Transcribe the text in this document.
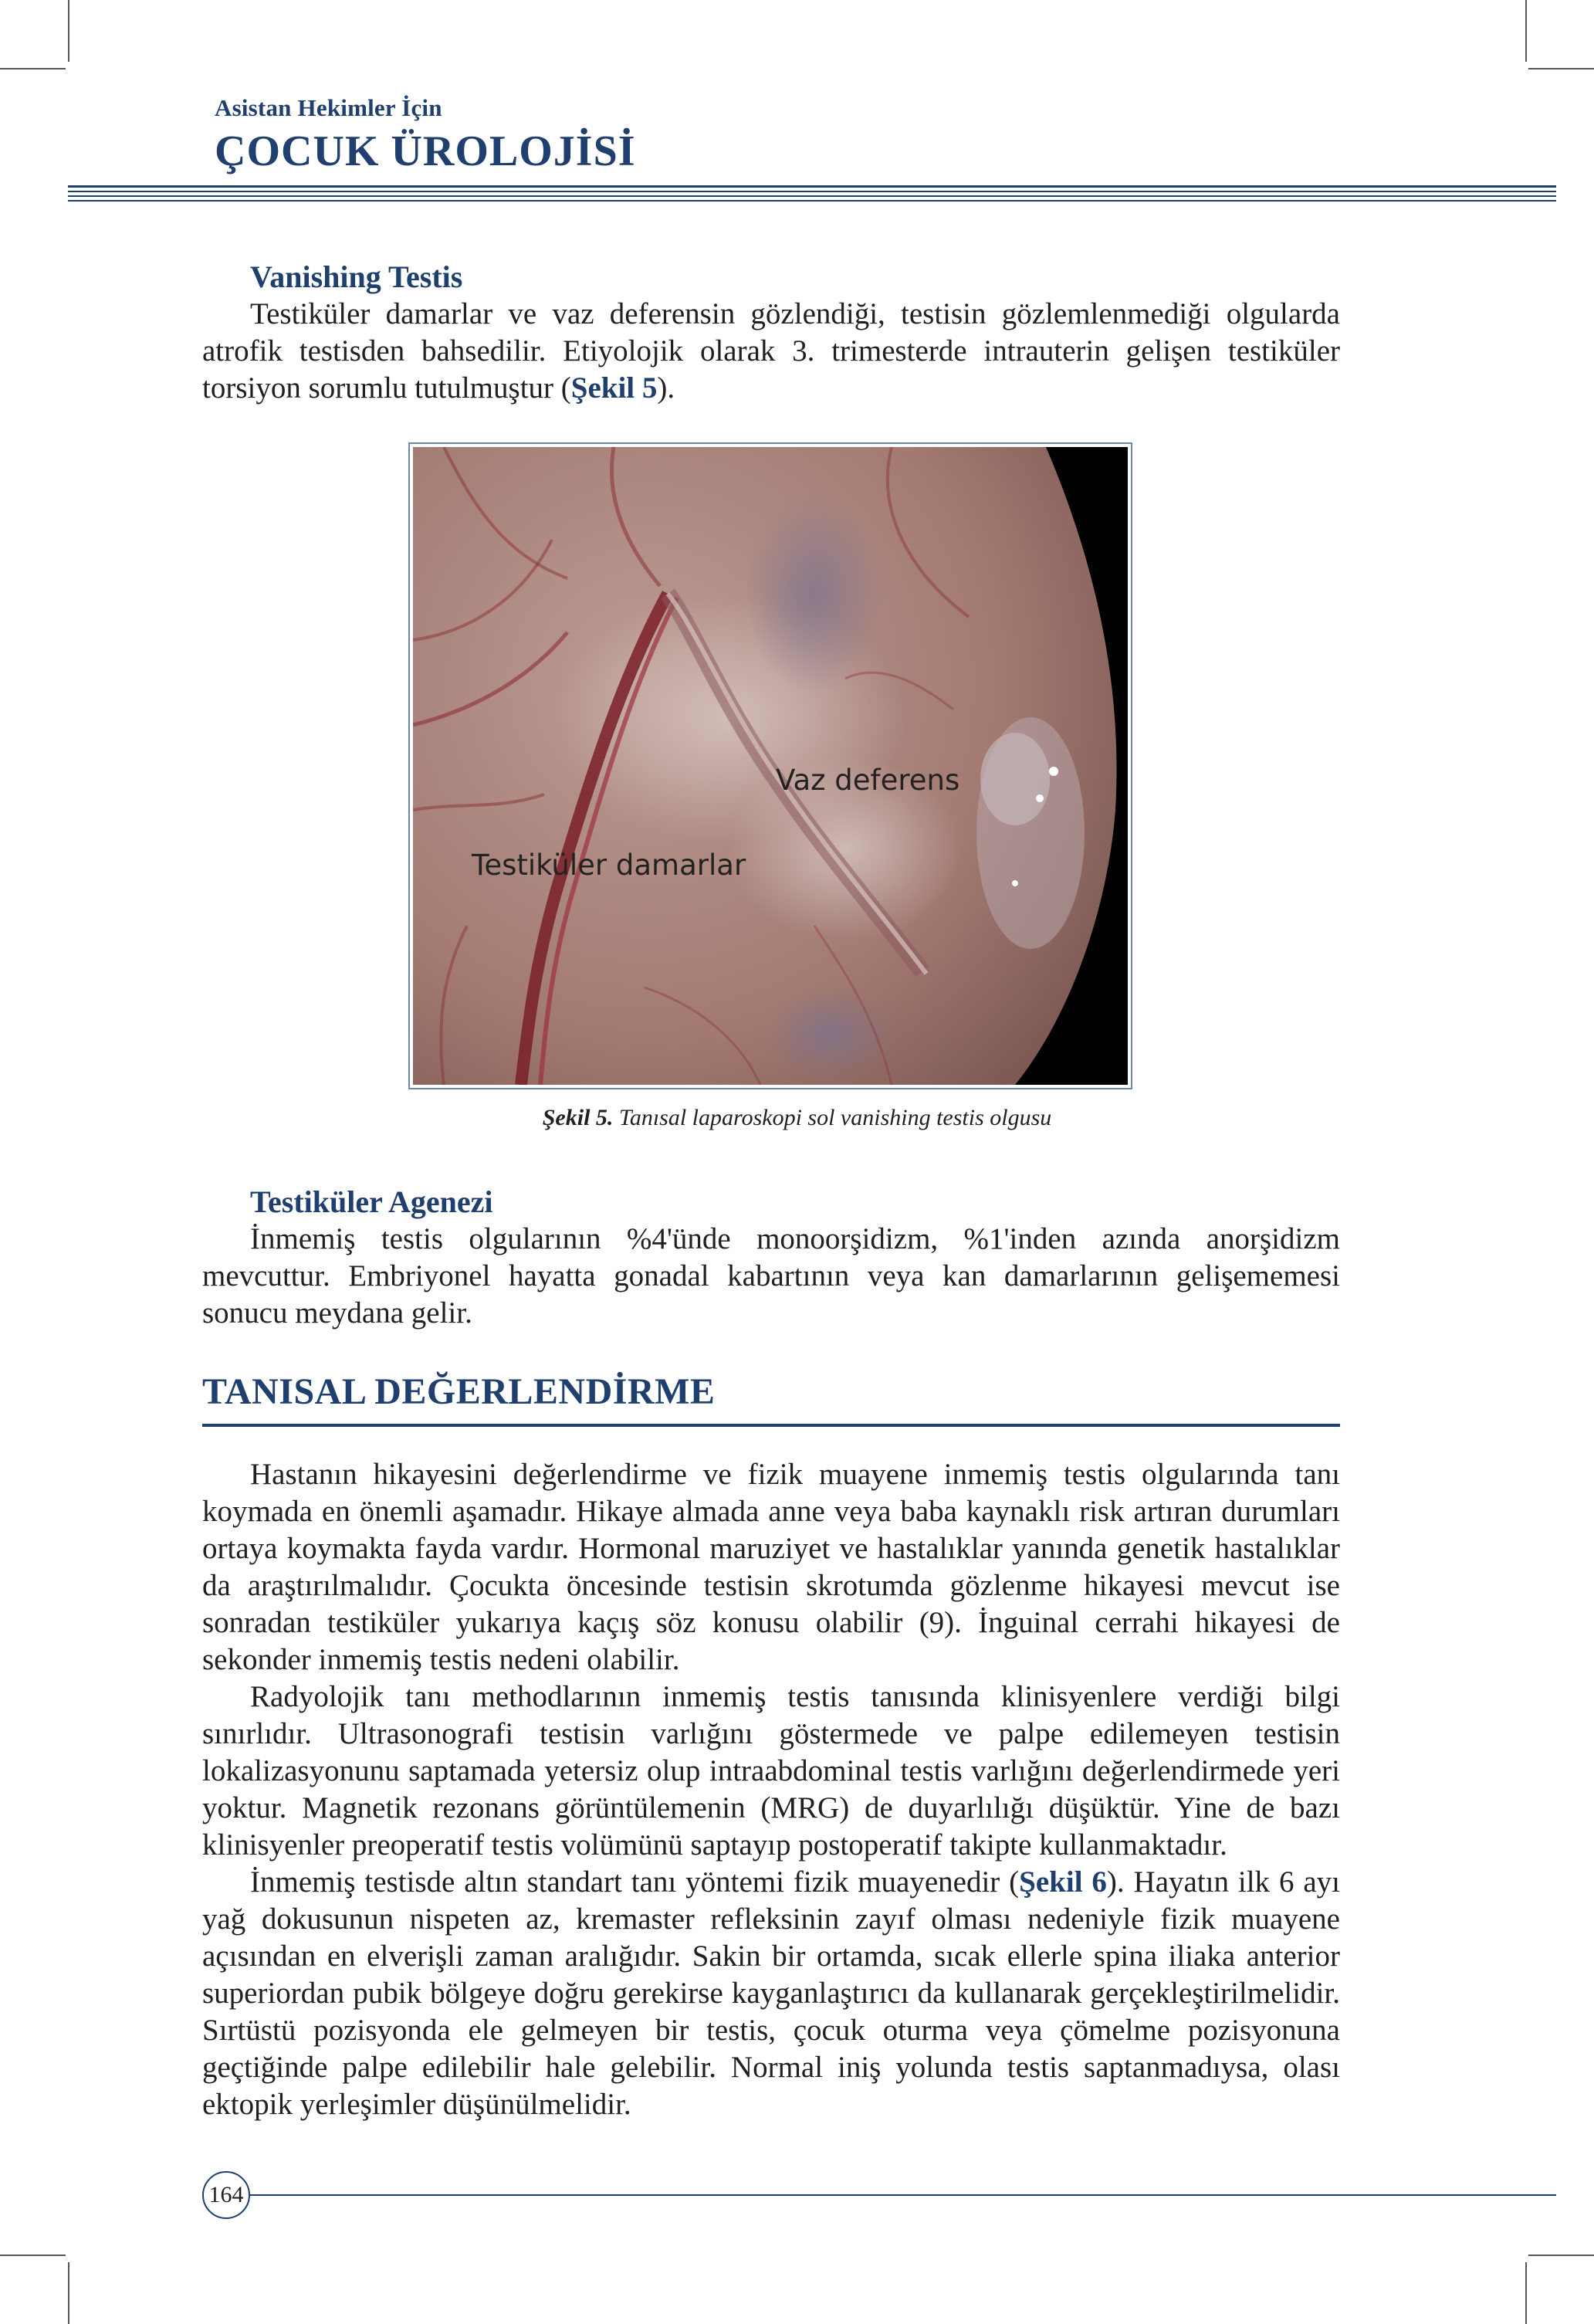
Asistan Hekimler İçin
ÇOCUK ÜROLOJİSİ
Vanishing Testis

Testiküler damarlar ve vaz deferensin gözlendiği, testisin gözlemlenmediği olgularda atrofik testisden bahsedilir. Etiyolojik olarak 3. trimesterde intrauterin gelişen testiküler torsiyon sorumlu tutulmuştur (Şekil 5).

Vaz deferens
Testiküler damarlar
Şekil 5. Tanısal laparoskopi sol vanishing testis olgusu
Testiküler Agenezi

İnmemiş testis olgularının %4'ünde monoorşidizm, %1'inden azında anorşidizm mevcuttur. Embriyonel hayatta gonadal kabartının veya kan damarlarının gelişememesi sonucu meydana gelir.

TANISAL DEĞERLENDİRME

Hastanın hikayesini değerlendirme ve fizik muayene inmemiş testis olgularında tanı koymada en önemli aşamadır. Hikaye almada anne veya baba kaynaklı risk artıran durumları ortaya koymakta fayda vardır. Hormonal maruziyet ve hastalıklar yanında genetik hastalıklar da araştırılmalıdır. Çocukta öncesinde testisin skrotumda gözlenme hikayesi mevcut ise sonradan testiküler yukarıya kaçış söz konusu olabilir (9). İnguinal cerrahi hikayesi de sekonder inmemiş testis nedeni olabilir.

Radyolojik tanı methodlarının inmemiş testis tanısında klinisyenlere verdiği bilgi sınırlıdır. Ultrasonografi testisin varlığını göstermede ve palpe edilemeyen testisin lokalizasyonunu saptamada yetersiz olup intraabdominal testis varlığını değerlendirmede yeri yoktur. Magnetik rezonans görüntülemenin (MRG) de duyarlılığı düşüktür. Yine de bazı klinisyenler preoperatif testis volümünü saptayıp postoperatif takipte kullanmaktadır.

İnmemiş testisde altın standart tanı yöntemi fizik muayenedir (Şekil 6). Hayatın ilk 6 ayı yağ dokusunun nispeten az, kremaster refleksinin zayıf olması nedeniyle fizik muayene açısından en elverişli zaman aralığıdır. Sakin bir ortamda, sıcak ellerle spina iliaka anterior superiordan pubik bölgeye doğru gerekirse kayganlaştırıcı da kullanarak gerçekleştirilmelidir. Sırtüstü pozisyonda ele gelmeyen bir testis, çocuk oturma veya çömelme pozisyonuna geçtiğinde palpe edilebilir hale gelebilir. Normal iniş yolunda testis saptanmadıysa, olası ektopik yerleşimler düşünülmelidir.

164
